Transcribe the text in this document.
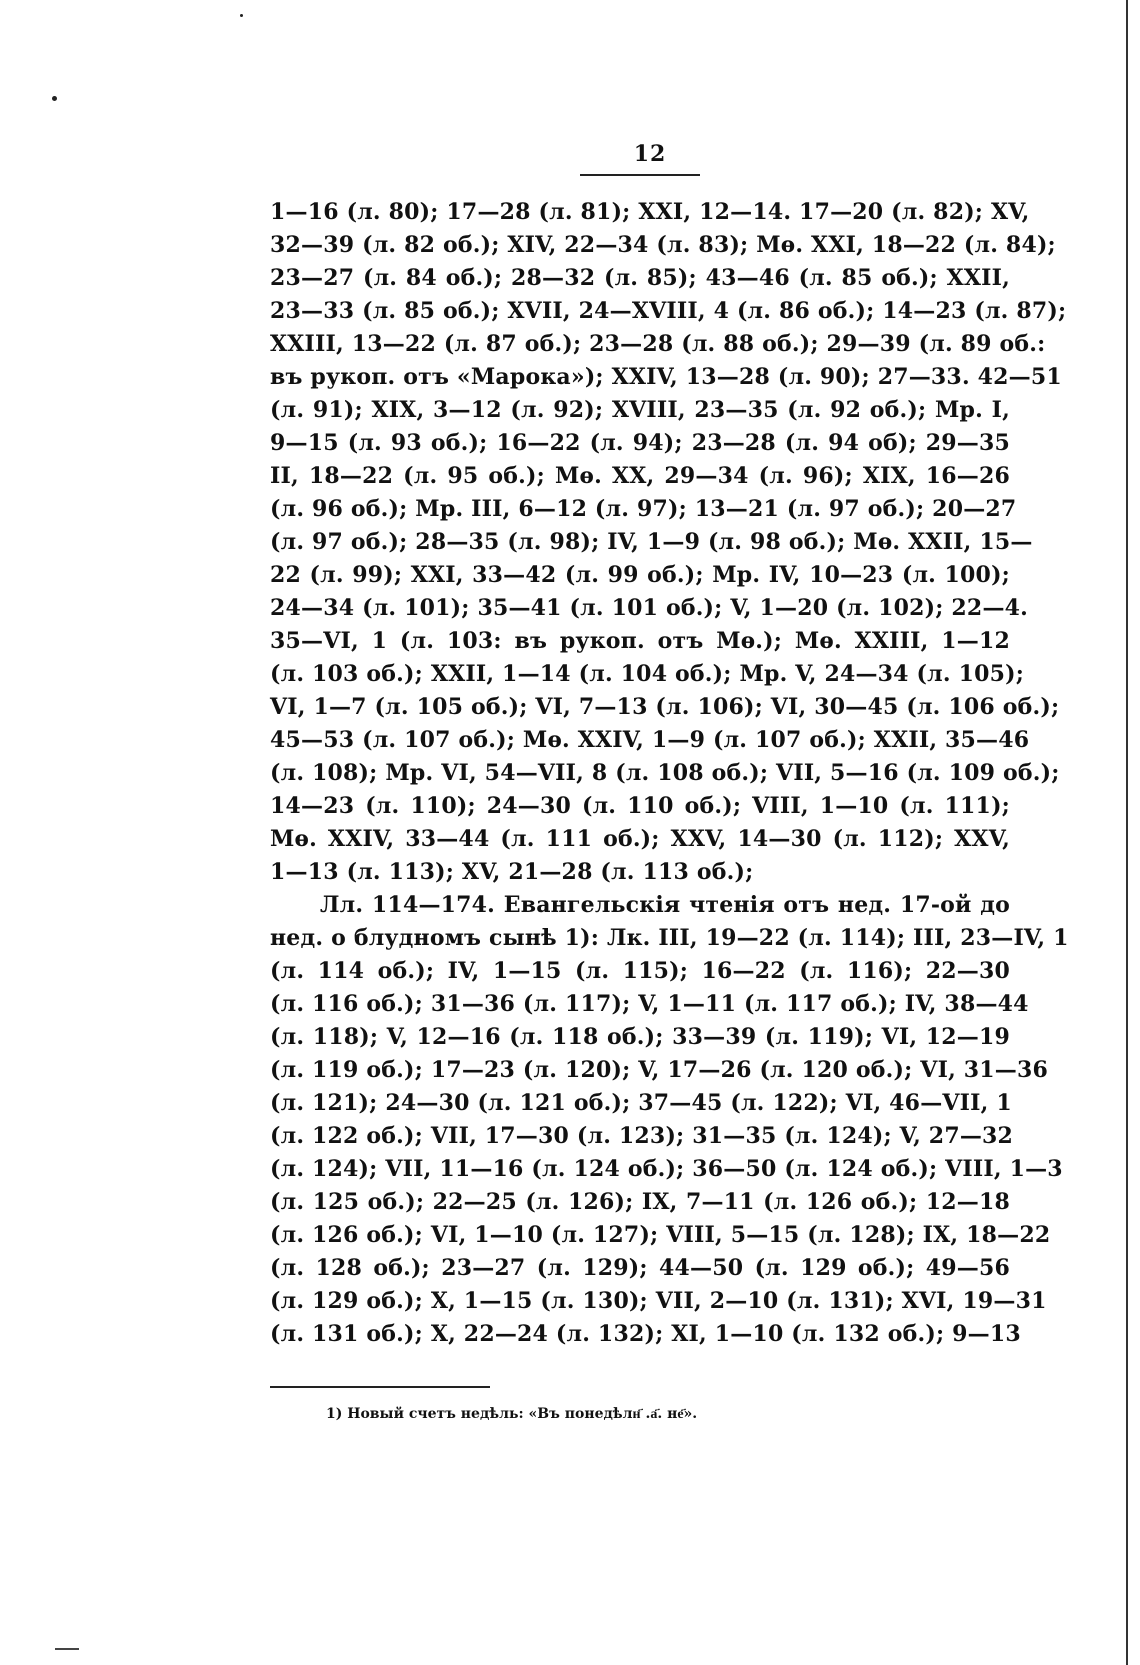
12
1—16 (л. 80); 17—28 (л. 81); XXI, 12—14. 17—20 (л. 82); XV,
32—39 (л. 82 об.); XIV, 22—34 (л. 83); Mѳ. XXI, 18—22 (л. 84);
23—27 (л. 84 об.); 28—32 (л. 85); 43—46 (л. 85 об.); XXII,
23—33 (л. 85 об.); XVII, 24—XVIII, 4 (л. 86 об.); 14—23 (л. 87);
XXIII, 13—22 (л. 87 об.); 23—28 (л. 88 об.); 29—39 (л. 89 об.:
въ рукоп. отъ «Марока»); XXIV, 13—28 (л. 90); 27—33. 42—51
(л. 91); XIX, 3—12 (л. 92); XVIII, 23—35 (л. 92 об.); Mp. I,
9—15 (л. 93 об.); 16—22 (л. 94); 23—28 (л. 94 об); 29—35
II, 18—22 (л. 95 об.); Mѳ. XX, 29—34 (л. 96); XIX, 16—26
(л. 96 об.); Mp. III, 6—12 (л. 97); 13—21 (л. 97 об.); 20—27
(л. 97 об.); 28—35 (л. 98); IV, 1—9 (л. 98 об.); Mѳ. XXII, 15—
22 (л. 99); XXI, 33—42 (л. 99 об.); Mp. IV, 10—23 (л. 100);
24—34 (л. 101); 35—41 (л. 101 об.); V, 1—20 (л. 102); 22—4.
35—VI, 1 (л. 103: въ рукоп. отъ Mѳ.); Mѳ. XXIII, 1—12
(л. 103 об.); XXII, 1—14 (л. 104 об.); Mp. V, 24—34 (л. 105);
VI, 1—7 (л. 105 об.); VI, 7—13 (л. 106); VI, 30—45 (л. 106 об.);
45—53 (л. 107 об.); Mѳ. XXIV, 1—9 (л. 107 об.); XXII, 35—46
(л. 108); Mp. VI, 54—VII, 8 (л. 108 об.); VII, 5—16 (л. 109 об.);
14—23 (л. 110); 24—30 (л. 110 об.); VIII, 1—10 (л. 111);
Mѳ. XXIV, 33—44 (л. 111 об.); XXV, 14—30 (л. 112); XXV,
1—13 (л. 113); XV, 21—28 (л. 113 об.);
Лл. 114—174. Евангельскія чтенія отъ нед. 17-ой до
нед. о блудномъ сынѣ 1): Лк. III, 19—22 (л. 114); III, 23—IV, 1
(л. 114 об.); IV, 1—15 (л. 115); 16—22 (л. 116); 22—30
(л. 116 об.); 31—36 (л. 117); V, 1—11 (л. 117 об.); IV, 38—44
(л. 118); V, 12—16 (л. 118 об.); 33—39 (л. 119); VI, 12—19
(л. 119 об.); 17—23 (л. 120); V, 17—26 (л. 120 об.); VI, 31—36
(л. 121); 24—30 (л. 121 об.); 37—45 (л. 122); VI, 46—VII, 1
(л. 122 об.); VII, 17—30 (л. 123); 31—35 (л. 124); V, 27—32
(л. 124); VII, 11—16 (л. 124 об.); 36—50 (л. 124 об.); VIII, 1—3
(л. 125 об.); 22—25 (л. 126); IX, 7—11 (л. 126 об.); 12—18
(л. 126 об.); VI, 1—10 (л. 127); VIII, 5—15 (л. 128); IX, 18—22
(л. 128 об.); 23—27 (л. 129); 44—50 (л. 129 об.); 49—56
(л. 129 об.); X, 1—15 (л. 130); VII, 2—10 (л. 131); XVI, 19—31
(л. 131 об.); X, 22—24 (л. 132); XI, 1—10 (л. 132 об.); 9—13
1) Новый счетъ недѣль: «Въ понедѣлн҃ .а҃. не҃».
